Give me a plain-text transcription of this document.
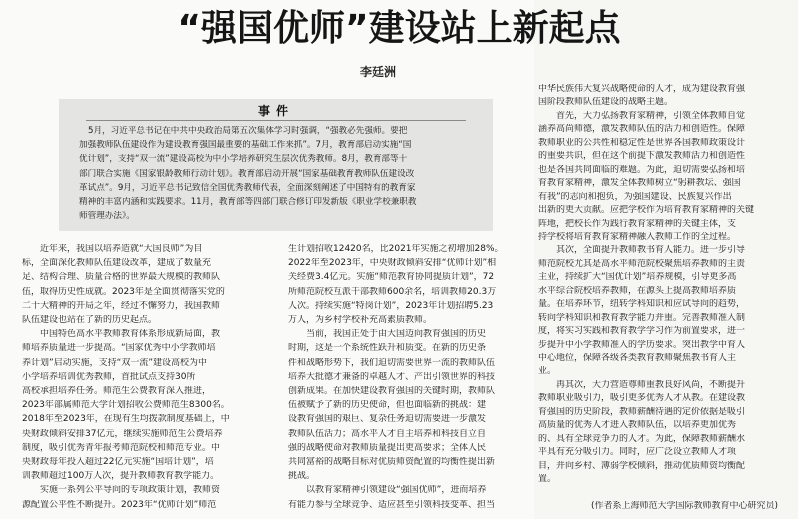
“强国优师”建设站上新起点
李廷洲
事件
5月，习近平总书记在中共中央政治局第五次集体学习时强调，“强教必先强师。要把
加强教师队伍建设作为建设教育强国最重要的基础工作来抓”。7月，教育部启动实施“国
优计划”，支持“双一流”建设高校为中小学培养研究生层次优秀教师。8月，教育部等十
部门联合实施《国家银龄教师行动计划》。教育部启动开展“国家基础教育教师队伍建设改
革试点”。9月，习近平总书记致信全国优秀教师代表，全面深刻阐述了中国特有的教育家
精神的丰富内涵和实践要求。11月，教育部等四部门联合修订印发新版《职业学校兼职教
师管理办法》。
近年来，我国以培养造就“大国良师”为目
标，全面深化教师队伍建设改革，建成了数量充
足、结构合理、质量合格的世界最大规模的教师队
伍，取得历史性成就。2023年是全面贯彻落实党的
二十大精神的开局之年，经过不懈努力，我国教师
队伍建设也站在了新的历史起点。
中国特色高水平教师教育体系形成新局面，教
师培养质量进一步提高。“国家优秀中小学教师培
养计划”启动实施，支持“双一流”建设高校为中
小学培养培训优秀教师，首批试点支持30所
高校承担培养任务。师范生公费教育深入推进，
2023年部属师范大学计划招收公费师范生8300名。
2018年至2023年，在现有生均拨款制度基础上，中
央财政倾斜安排37亿元，继续实施师范生公费培养
制度，吸引优秀青年报考师范院校和师范专业。中
央财政每年投入超过22亿元实施“国培计划”，培
训教师超过100万人次，提升教师教育教学能力。
实施一系列公平导向的专项政策计划，教师资
源配置公平性不断提升。2023年“优师计划”师范
生计划招收12420名，比2021年实施之初增加28%。
2022年至2023年，中央财政倾斜安排“优师计划”相
关经费3.4亿元。实施“师范教育协同提质计划”，72
所师范院校互派干部教师600余名，培训教师20.3万
人次。持续实施“特岗计划”，2023年计划招聘5.23
万人，为乡村学校补充高素质教师。
当前，我国正处于由大国迈向教育强国的历史
时期，这是一个系统性跃升和质变。在新的历史条
件和战略形势下，我们迫切需要世界一流的教师队伍
培养大批德才兼备的卓越人才、产出引领世界的科技
创新成果。在加快建设教育强国的关键时期，教师队
伍被赋予了新的历史使命，但也面临新的挑战：建
设教育强国的艰巨、复杂任务迫切需要进一步激发
教师队伍活力；高水平人才自主培养和科技自立自
强的战略使命对教师质量提出更高要求；全体人民
共同富裕的战略目标对优质师资配置的均衡性提出新
挑战。
以教育家精神引领建设“强国优师”，进而培养
有能力参与全球竞争、适应甚至引领科技变革、担当
中华民族伟大复兴战略使命的人才，成为建设教育强
国阶段教师队伍建设的战略主题。
首先，大力弘扬教育家精神，引领全体教师自觉
涵养高尚师德，激发教师队伍的活力和创造性。保障
教师职业的公共性和稳定性是世界各国教师政策设计
的重要共识，但在这个前提下激发教师活力和创造性
也是各国共同面临的难题。为此，迫切需要弘扬和培
育教育家精神，激发全体教师树立“躬耕教坛、强国
有我”的志向和抱负，为强国建设、民族复兴作出
出新的更大贡献。应把学校作为培育教育家精神的关键
阵地，把校长作为践行教育家精神的关键主体，支
持学校将培育教育家精神融入教师工作的全过程。
其次，全面提升教师教书育人能力。进一步引导
师范院校尤其是高水平师范院校聚焦培养教师的主责
主业，持续扩大“国优计划”培养规模，引导更多高
水平综合院校培养教师，在源头上提高教师培养质
量。在培养环节，纽转学科知识和应试导向的趋势，
转向学科知识和教育教学能力并重。完善教师准入制
度，将实习实践和教育教学学习作为前置要求，进一
步提升中小学教师准入的学历要求。突出教学中育人
中心地位，保障各级各类教育教师聚焦教书育人主
业。
再其次，大力营造尊师重教良好风尚，不断提升
教师职业吸引力，吸引更多优秀人才从教。在建设教
育强国的历史阶段，教师薪酬待遇的定价依据是吸引
高质量的优秀人才进入教师队伍，以培养更加优秀
的、具有全球竞争力的人才。为此，保障教师薪酬水
平具有充分吸引力。同时，应广泛设立教师人才项
目，并向乡村、薄弱学校倾斜，推动优质师资均衡配
置。
(作者系上海师范大学国际教师教育中心研究员)
